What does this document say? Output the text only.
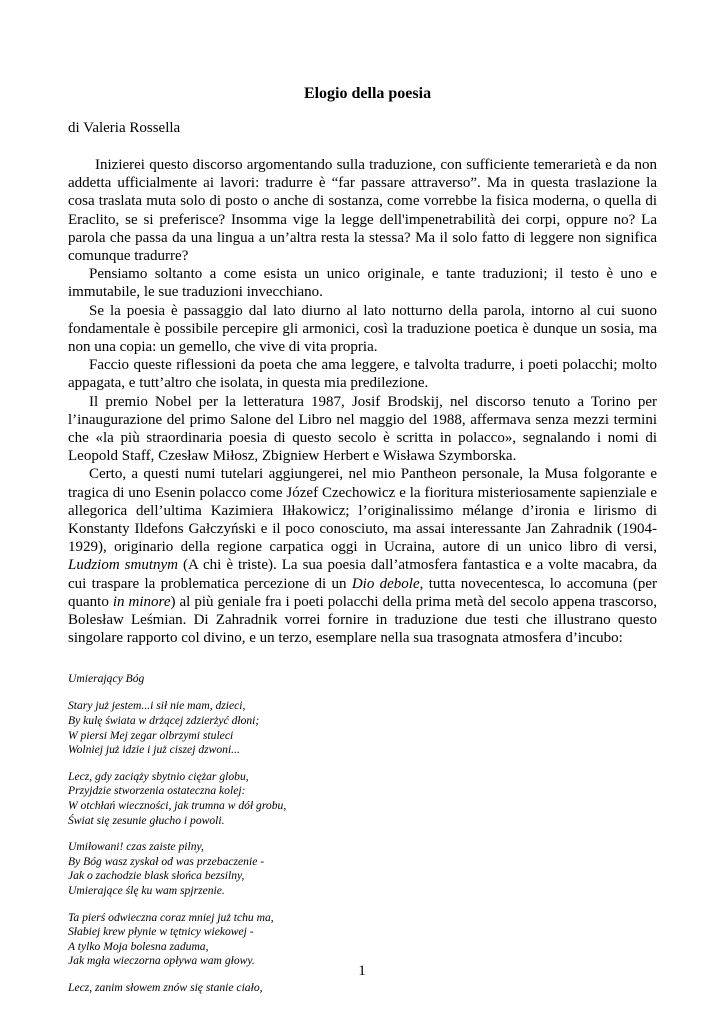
Elogio della poesia
di Valeria Rossella

Inizierei questo discorso argomentando sulla traduzione, con sufficiente temerarietà e da non addetta ufficialmente ai lavori: tradurre è “far passare attraverso”. Ma in questa traslazione la cosa traslata muta solo di posto o anche di sostanza, come vorrebbe la fisica moderna, o quella di Eraclito, se si preferisce? Insomma vige la legge dell'impenetrabilità dei corpi, oppure no? La parola che passa da una lingua a un’altra resta la stessa? Ma il solo fatto di leggere non significa comunque tradurre?

Pensiamo soltanto a come esista un unico originale, e tante traduzioni; il testo è uno e immutabile, le sue traduzioni invecchiano.

Se la poesia è passaggio dal lato diurno al lato notturno della parola, intorno al cui suono fondamentale è possibile percepire gli armonici, così la traduzione poetica è dunque un sosia, ma non una copia: un gemello, che vive di vita propria.

Faccio queste riflessioni da poeta che ama leggere, e talvolta tradurre, i poeti polacchi; molto appagata, e tutt’altro che isolata, in questa mia predilezione.

Il premio Nobel per la letteratura 1987, Josif Brodskij, nel discorso tenuto a Torino per l’inaugurazione del primo Salone del Libro nel maggio del 1988, affermava senza mezzi termini che «la più straordinaria poesia di questo secolo è scritta in polacco», segnalando i nomi di Leopold Staff, Czesław Miłosz, Zbigniew Herbert e Wisława Szymborska.

Certo, a questi numi tutelari aggiungerei, nel mio Pantheon personale, la Musa folgorante e tragica di uno Esenin polacco come Józef Czechowicz e la fioritura misteriosamente sapienziale e allegorica dell’ultima Kazimiera Iłłakowicz; l’originalissimo mélange d’ironia e lirismo di Konstanty Ildefons Gałczyński e il poco conosciuto, ma assai interessante Jan Zahradnik (1904-1929), originario della regione carpatica oggi in Ucraina, autore di un unico libro di versi, Ludziom smutnym (A chi è triste). La sua poesia dall’atmosfera fantastica e a volte macabra, da cui traspare la problematica percezione di un Dio debole, tutta novecentesca, lo accomuna (per quanto in minore) al più geniale fra i poeti polacchi della prima metà del secolo appena trascorso, Bolesław Leśmian. Di Zahradnik vorrei fornire in traduzione due testi che illustrano questo singolare rapporto col divino, e un terzo, esemplare nella sua trasognata atmosfera d’incubo:

Umierający Bóg
Stary już jestem...i sił nie mam, dzieci,
By kulę świata w drżącej zdzierżyć dłoni;
W piersi Mej zegar olbrzymi stuleci
Wolniej już idzie i już ciszej dzwoni...
Lecz, gdy zaciąży sbytnio ciężar globu,
Przyjdzie stworzenia ostateczna kolej:
W otchłań wieczności, jak trumna w dół grobu,
Świat się zesunie głucho i powoli.
Umiłowani! czas zaiste pilny,
By Bóg wasz zyskał od was przebaczenie -
Jak o zachodzie blask słońca bezsilny,
Umierające ślę ku wam spjrzenie.
Ta pierś odwieczna coraz mniej już tchu ma,
Słabiej krew płynie w tętnicy wiekowej -
A tylko Moja bolesna zaduma,
Jak mgła wieczorna opływa wam głowy.
Lecz, zanim słowem znów się stanie ciało,
1
